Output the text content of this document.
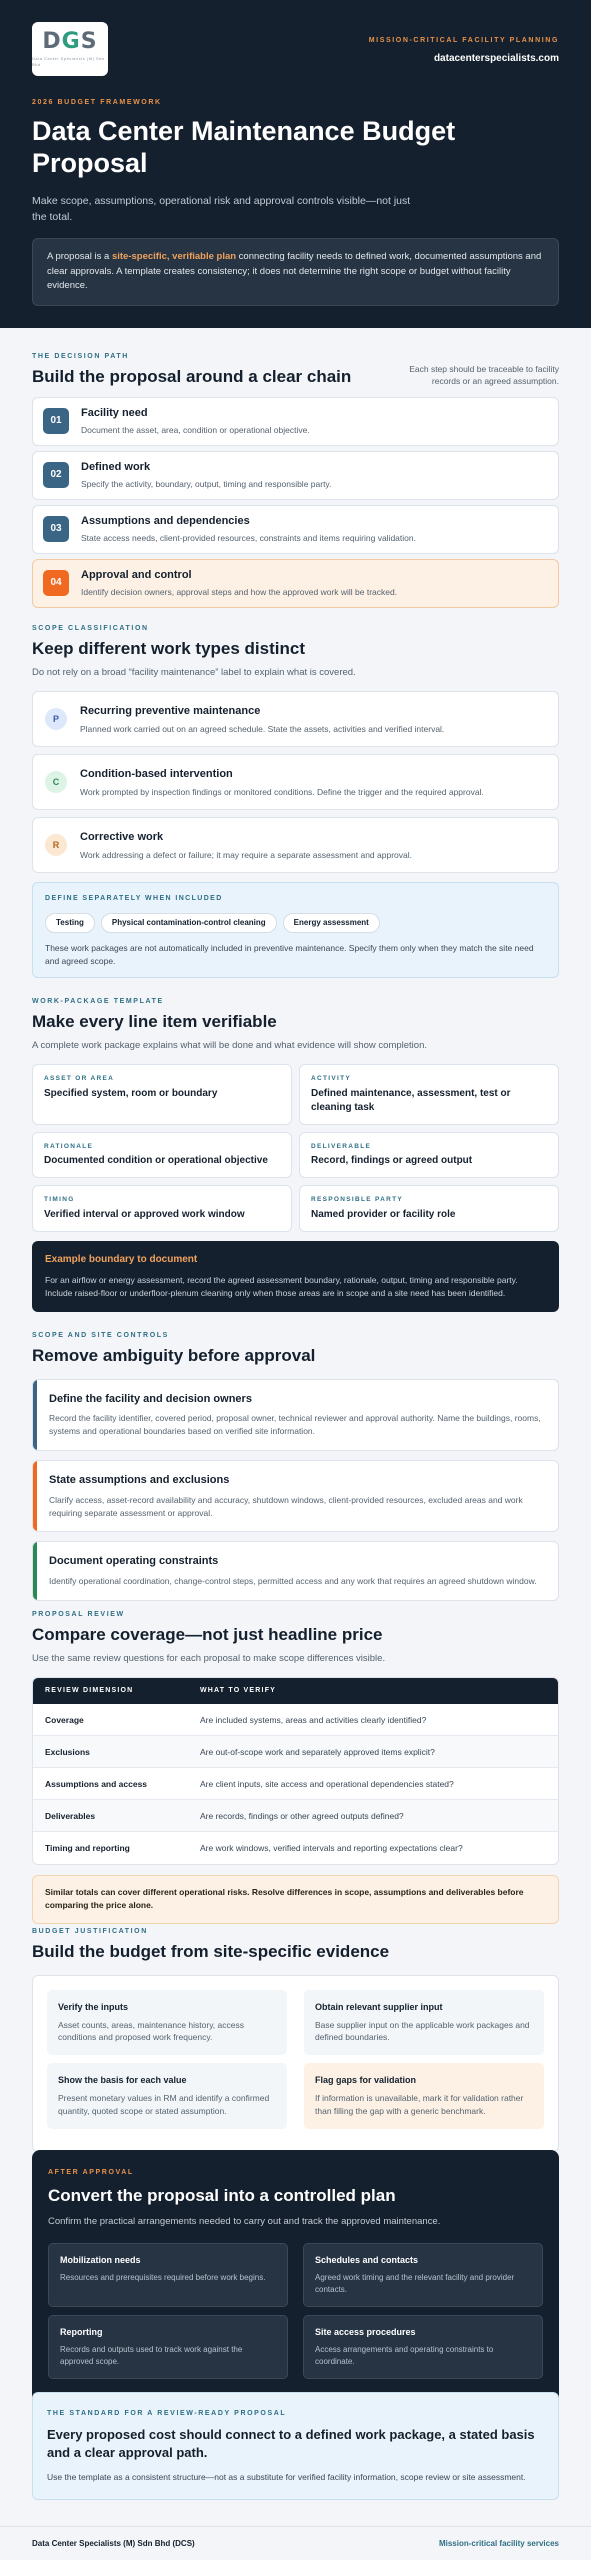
DGS
Data Center Specialists (M) Sdn Bhd
MISSION-CRITICAL FACILITY PLANNING
datacenterspecialists.com
2026 BUDGET FRAMEWORK
Data Center Maintenance Budget Proposal

Make scope, assumptions, operational risk and approval controls visible—not just the total.

A proposal is a site-specific, verifiable plan connecting facility needs to defined work, documented assumptions and clear approvals. A template creates consistency; it does not determine the right scope or budget without facility evidence.
THE DECISION PATH
Build the proposal around a clear chain	Each step should be traceable to facility records or an agreed assumption.
01
Facility need
Document the asset, area, condition or operational objective.
02
Defined work
Specify the activity, boundary, output, timing and responsible party.
03
Assumptions and dependencies
State access needs, client-provided resources, constraints and items requiring validation.
04
Approval and control
Identify decision owners, approval steps and how the approved work will be tracked.
SCOPE CLASSIFICATION
Keep different work types distinct
Do not rely on a broad “facility maintenance” label to explain what is covered.
P
Recurring preventive maintenance
Planned work carried out on an agreed schedule. State the assets, activities and verified interval.
C
Condition-based intervention
Work prompted by inspection findings or monitored conditions. Define the trigger and the required approval.
R
Corrective work
Work addressing a defect or failure; it may require a separate assessment and approval.
DEFINE SEPARATELY WHEN INCLUDED
Testing	Physical contamination-control cleaning	Energy assessment
These work packages are not automatically included in preventive maintenance. Specify them only when they match the site need and agreed scope.
WORK-PACKAGE TEMPLATE
Make every line item verifiable
A complete work package explains what will be done and what evidence will show completion.
ASSET OR AREA
Specified system, room or boundary
ACTIVITY
Defined maintenance, assessment, test or cleaning task
RATIONALE
Documented condition or operational objective
DELIVERABLE
Record, findings or agreed output
TIMING
Verified interval or approved work window
RESPONSIBLE PARTY
Named provider or facility role
Example boundary to document
For an airflow or energy assessment, record the agreed assessment boundary, rationale, output, timing and responsible party. Include raised-floor or underfloor-plenum cleaning only when those areas are in scope and a site need has been identified.
SCOPE AND SITE CONTROLS
Remove ambiguity before approval
Define the facility and decision owners
Record the facility identifier, covered period, proposal owner, technical reviewer and approval authority. Name the buildings, rooms, systems and operational boundaries based on verified site information.
State assumptions and exclusions
Clarify access, asset-record availability and accuracy, shutdown windows, client-provided resources, excluded areas and work requiring separate assessment or approval.
Document operating constraints
Identify operational coordination, change-control steps, permitted access and any work that requires an agreed shutdown window.
PROPOSAL REVIEW
Compare coverage—not just headline price
Use the same review questions for each proposal to make scope differences visible.
REVIEW DIMENSION	WHAT TO VERIFY
Coverage	Are included systems, areas and activities clearly identified?
Exclusions	Are out-of-scope work and separately approved items explicit?
Assumptions and access	Are client inputs, site access and operational dependencies stated?
Deliverables	Are records, findings or other agreed outputs defined?
Timing and reporting	Are work windows, verified intervals and reporting expectations clear?
Similar totals can cover different operational risks. Resolve differences in scope, assumptions and deliverables before comparing the price alone.
BUDGET JUSTIFICATION
Build the budget from site-specific evidence
Verify the inputs
Asset counts, areas, maintenance history, access conditions and proposed work frequency.
Obtain relevant supplier input
Base supplier input on the applicable work packages and defined boundaries.
Show the basis for each value
Present monetary values in RM and identify a confirmed quantity, quoted scope or stated assumption.
Flag gaps for validation
If information is unavailable, mark it for validation rather than filling the gap with a generic benchmark.
AFTER APPROVAL
Convert the proposal into a controlled plan
Confirm the practical arrangements needed to carry out and track the approved maintenance.
Mobilization needs
Resources and prerequisites required before work begins.
Schedules and contacts
Agreed work timing and the relevant facility and provider contacts.
Reporting
Records and outputs used to track work against the approved scope.
Site access procedures
Access arrangements and operating constraints to coordinate.
THE STANDARD FOR A REVIEW-READY PROPOSAL
Every proposed cost should connect to a defined work package, a stated basis and a clear approval path.
Use the template as a consistent structure—not as a substitute for verified facility information, scope review or site assessment.
Data Center Specialists (M) Sdn Bhd (DCS)	Mission-critical facility services
